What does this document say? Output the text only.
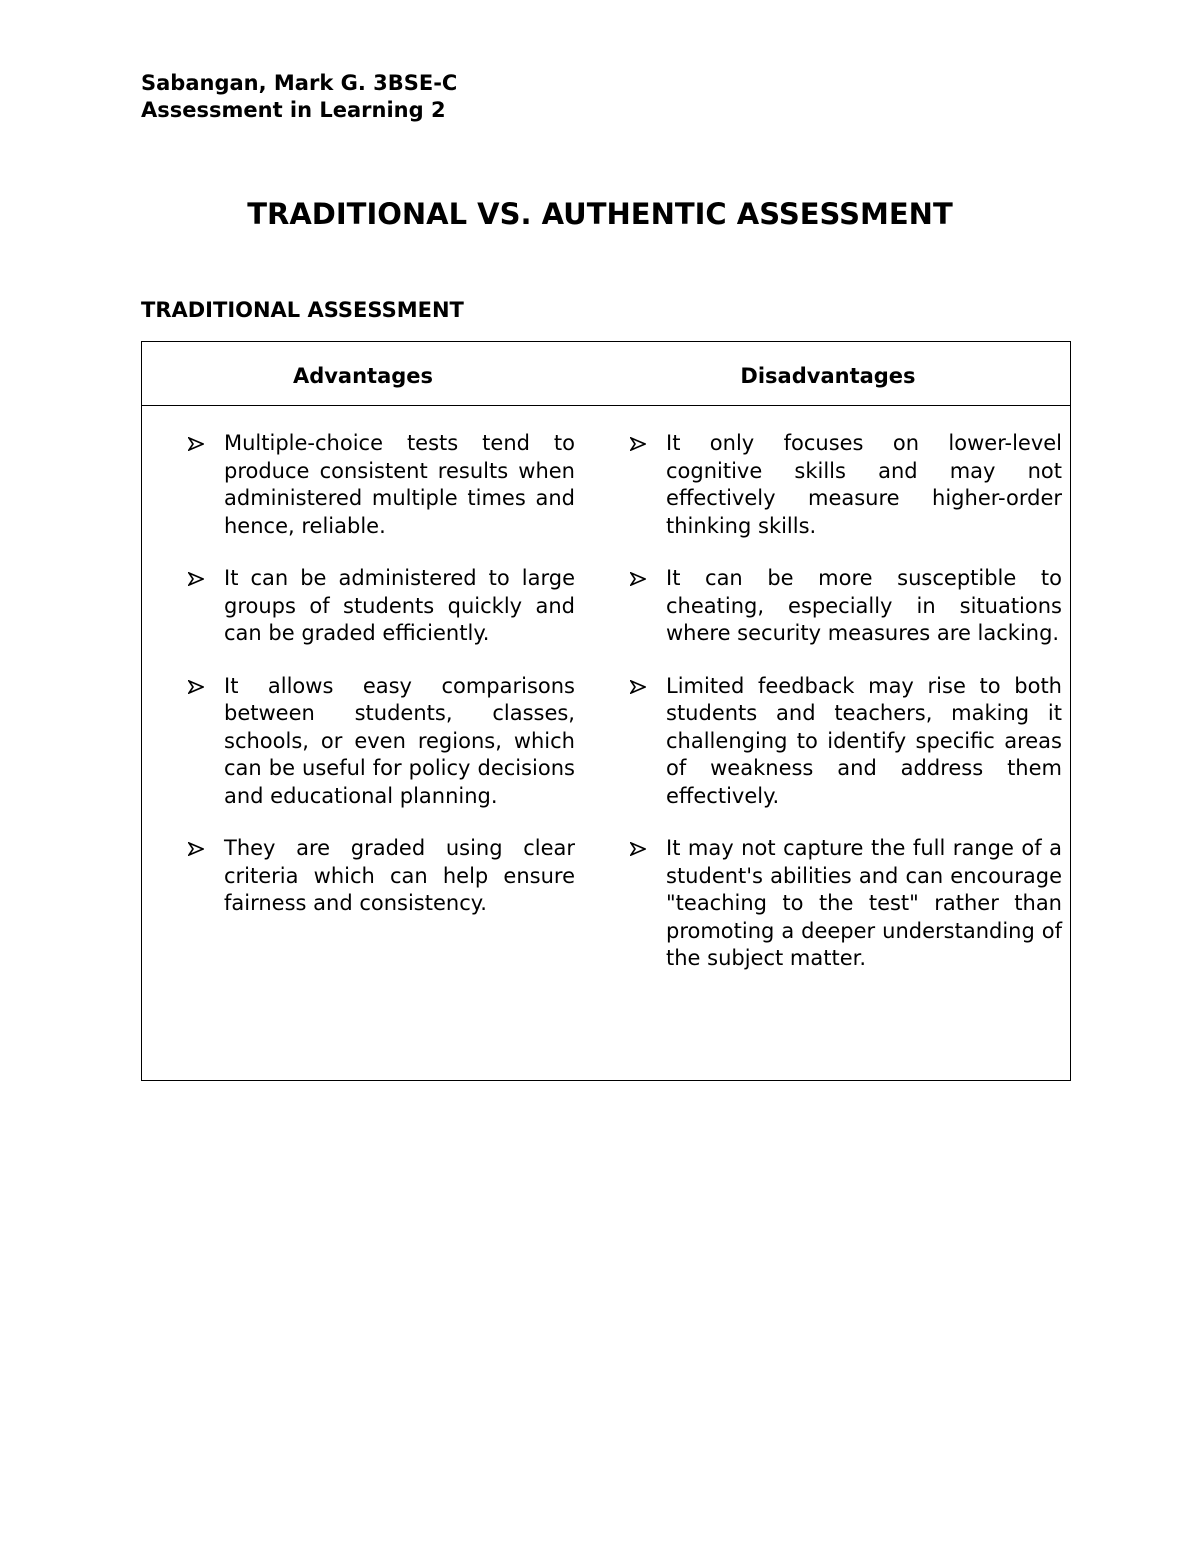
Sabangan, Mark G. 3BSE-C
Assessment in Learning 2
TRADITIONAL VS. AUTHENTIC ASSESSMENT
TRADITIONAL ASSESSMENT
Advantages	Disadvantages
Multiple-choice tests tend to produce consistent results when administered multiple times and hence, reliable.
It can be administered to large groups of students quickly and can be graded efficiently.
It allows easy comparisons between students, classes, schools, or even regions, which can be useful for policy decisions and educational planning.
They are graded using clear criteria which can help ensure fairness and consistency.
It only focuses on lower-level cognitive skills and may not effectively measure higher-order thinking skills.
It can be more susceptible to cheating, especially in situations where security measures are lacking.
Limited feedback may rise to both students and teachers, making it challenging to identify specific areas of weakness and address them effectively.
It may not capture the full range of a student's abilities and can encourage "teaching to the test" rather than promoting a deeper understanding of the subject matter.
